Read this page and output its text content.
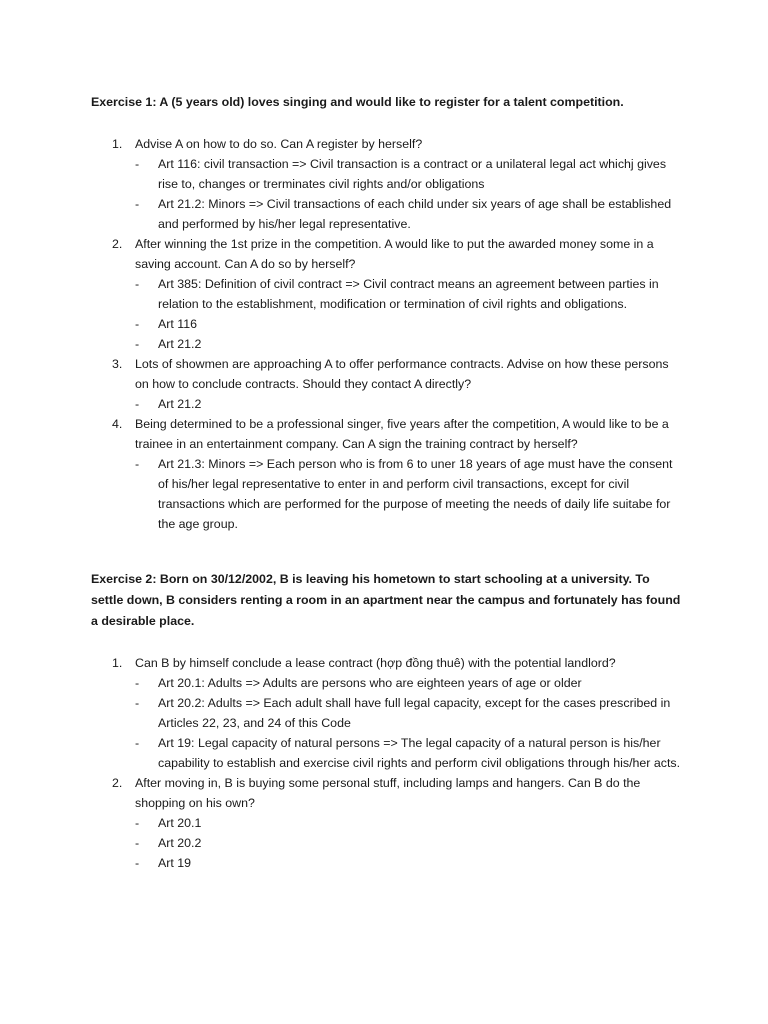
Exercise 1: A (5 years old) loves singing and would like to register for a talent competition.

1. Advise A on how to do so. Can A register by herself?
- Art 116: civil transaction => Civil transaction is a contract or a unilateral legal act whichj gives rise to, changes or trerminates civil rights and/or obligations
- Art 21.2: Minors => Civil transactions of each child under six years of age shall be established and performed by his/her legal representative.
2. After winning the 1st prize in the competition. A would like to put the awarded money some in a saving account. Can A do so by herself?
- Art 385: Definition of civil contract => Civil contract means an agreement between parties in relation to the establishment, modification or termination of civil rights and obligations.
- Art 116
- Art 21.2
3. Lots of showmen are approaching A to offer performance contracts. Advise on how these persons on how to conclude contracts. Should they contact A directly?
- Art 21.2
4. Being determined to be a professional singer, five years after the competition, A would like to be a trainee in an entertainment company. Can A sign the training contract by herself?
- Art 21.3: Minors => Each person who is from 6 to uner 18 years of age must have the consent of his/her legal representative to enter in and perform civil transactions, except for civil transactions which are performed for the purpose of meeting the needs of daily life suitabe for the age group.

Exercise 2: Born on 30/12/2002, B is leaving his hometown to start schooling at a university. To settle down, B considers renting a room in an apartment near the campus and fortunately has found a desirable place.

1. Can B by himself conclude a lease contract (hợp đồng thuê) with the potential landlord?
- Art 20.1: Adults => Adults are persons who are eighteen years of age or older
- Art 20.2: Adults => Each adult shall have full legal capacity, except for the cases prescribed in Articles 22, 23, and 24 of this Code
- Art 19: Legal capacity of natural persons => The legal capacity of a natural person is his/her capability to establish and exercise civil rights and perform civil obligations through his/her acts.
2. After moving in, B is buying some personal stuff, including lamps and hangers. Can B do the shopping on his own?
- Art 20.1
- Art 20.2
- Art 19
